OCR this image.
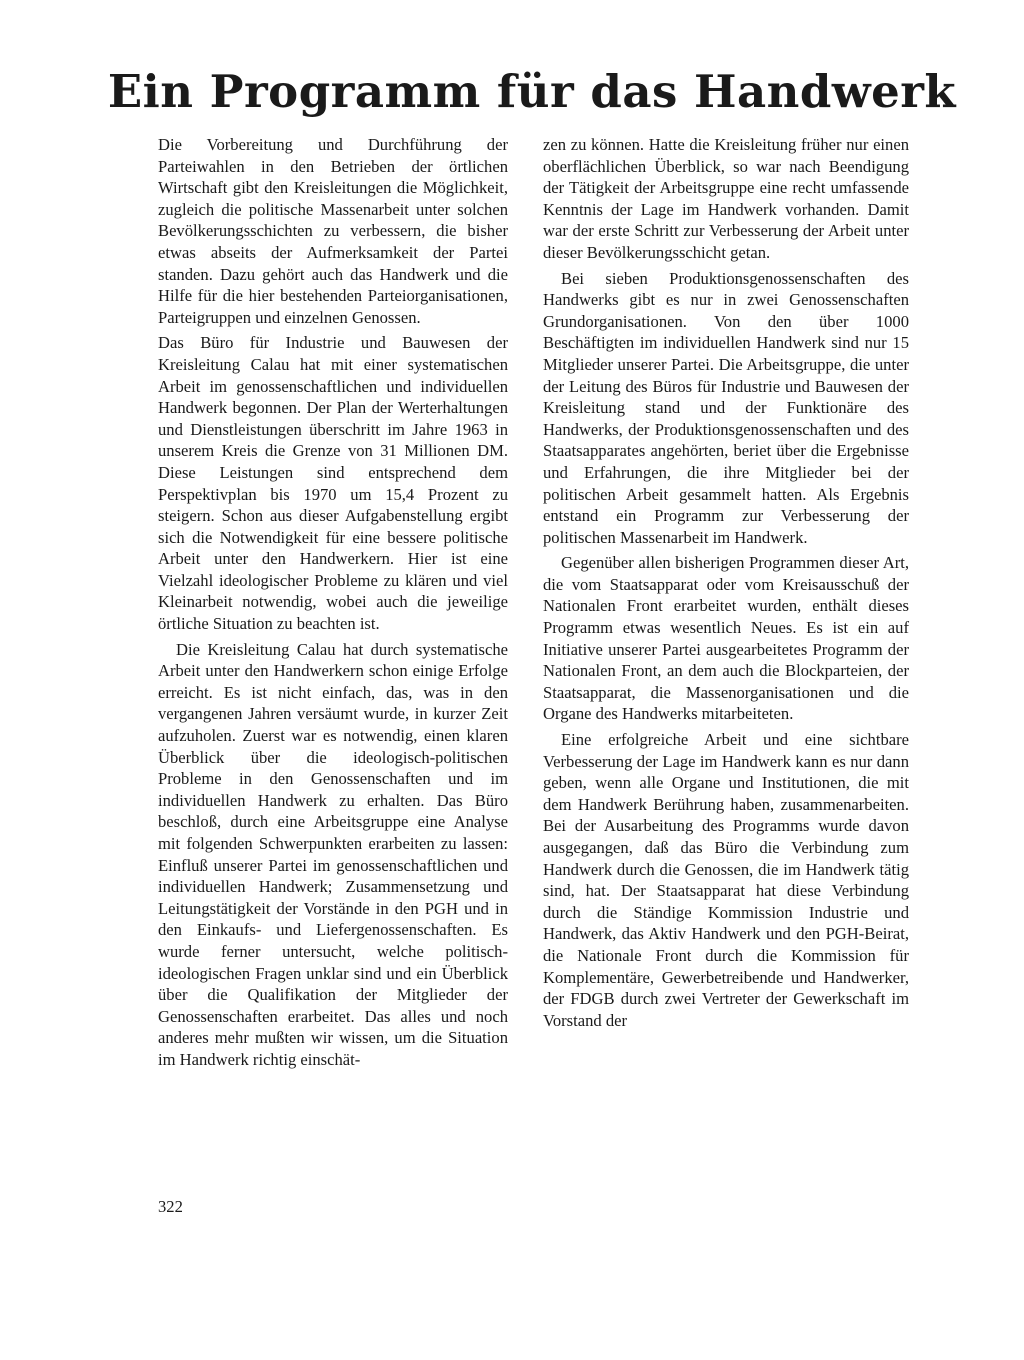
Ein Programm für das Handwerk

Die Vorbereitung und Durchführung der Parteiwahlen in den Betrieben der örtlichen Wirtschaft gibt den Kreisleitungen die Möglichkeit, zugleich die politische Massenarbeit unter solchen Bevölkerungsschichten zu verbessern, die bisher etwas abseits der Aufmerksamkeit der Partei standen. Dazu gehört auch das Handwerk und die Hilfe für die hier bestehenden Parteiorganisationen, Parteigruppen und einzelnen Genossen.

Das Büro für Industrie und Bauwesen der Kreisleitung Calau hat mit einer systematischen Arbeit im genossenschaftlichen und individuellen Handwerk begonnen. Der Plan der Werterhaltungen und Dienstleistungen überschritt im Jahre 1963 in unserem Kreis die Grenze von 31 Millionen DM. Diese Leistungen sind entsprechend dem Perspektivplan bis 1970 um 15,4 Prozent zu steigern. Schon aus dieser Aufgabenstellung ergibt sich die Notwendigkeit für eine bessere politische Arbeit unter den Handwerkern. Hier ist eine Vielzahl ideologischer Probleme zu klären und viel Kleinarbeit notwendig, wobei auch die jeweilige örtliche Situation zu beachten ist.

Die Kreisleitung Calau hat durch systematische Arbeit unter den Handwerkern schon einige Erfolge erreicht. Es ist nicht einfach, das, was in den vergangenen Jahren versäumt wurde, in kurzer Zeit aufzuholen. Zuerst war es notwendig, einen klaren Überblick über die ideologisch-politischen Probleme in den Genossenschaften und im individuellen Handwerk zu erhalten. Das Büro beschloß, durch eine Arbeitsgruppe eine Analyse mit folgenden Schwerpunkten erarbeiten zu lassen: Einfluß unserer Partei im genossenschaftlichen und individuellen Handwerk; Zusammensetzung und Leitungstätigkeit der Vorstände in den PGH und in den Einkaufs- und Liefergenossenschaften. Es wurde ferner untersucht, welche politisch-ideologischen Fragen unklar sind und ein Überblick über die Qualifikation der Mitglieder der Genossenschaften erarbeitet. Das alles und noch anderes mehr mußten wir wissen, um die Situation im Handwerk richtig einschät-

zen zu können. Hatte die Kreisleitung früher nur einen oberflächlichen Überblick, so war nach Beendigung der Tätigkeit der Arbeitsgruppe eine recht umfassende Kenntnis der Lage im Handwerk vorhanden. Damit war der erste Schritt zur Verbesserung der Arbeit unter dieser Bevölkerungsschicht getan.

Bei sieben Produktionsgenossenschaften des Handwerks gibt es nur in zwei Genossenschaften Grundorganisationen. Von den über 1000 Beschäftigten im individuellen Handwerk sind nur 15 Mitglieder unserer Partei. Die Arbeitsgruppe, die unter der Leitung des Büros für Industrie und Bauwesen der Kreisleitung stand und der Funktionäre des Handwerks, der Produktionsgenossenschaften und des Staatsapparates angehörten, beriet über die Ergebnisse und Erfahrungen, die ihre Mitglieder bei der politischen Arbeit gesammelt hatten. Als Ergebnis entstand ein Programm zur Verbesserung der politischen Massenarbeit im Handwerk.

Gegenüber allen bisherigen Programmen dieser Art, die vom Staatsapparat oder vom Kreisausschuß der Nationalen Front erarbeitet wurden, enthält dieses Programm etwas wesentlich Neues. Es ist ein auf Initiative unserer Partei ausgearbeitetes Programm der Nationalen Front, an dem auch die Blockparteien, der Staatsapparat, die Massenorganisationen und die Organe des Handwerks mitarbeiteten.

Eine erfolgreiche Arbeit und eine sichtbare Verbesserung der Lage im Handwerk kann es nur dann geben, wenn alle Organe und Institutionen, die mit dem Handwerk Berührung haben, zusammenarbeiten. Bei der Ausarbeitung des Programms wurde davon ausgegangen, daß das Büro die Verbindung zum Handwerk durch die Genossen, die im Handwerk tätig sind, hat. Der Staatsapparat hat diese Verbindung durch die Ständige Kommission Industrie und Handwerk, das Aktiv Handwerk und den PGH-Beirat, die Nationale Front durch die Kommission für Komplementäre, Gewerbetreibende und Handwerker, der FDGB durch zwei Vertreter der Gewerkschaft im Vorstand der

322
